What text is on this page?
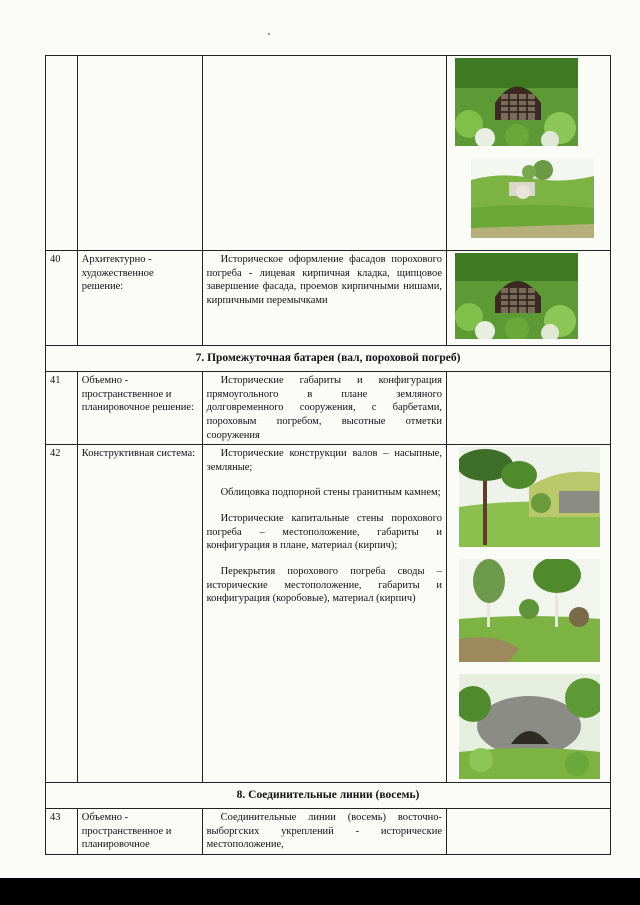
40	Архитектурно - художественное решение:	Историческое оформление фасадов порохового погреба - лицевая кирпичная кладка, щипцовое завершение фасада, проемов кирпичными нишами, кирпичными перемычками	

7. Промежуточная батарея (вал, пороховой погреб)			
41	Объемно - пространственное и планировочное решение:	Исторические габариты и конфигурация прямоугольного в плане земляного долговременного сооружения, с барбетами, пороховым погребом, высотные отметки сооружения	
42	Конструктивная система:	Исторические конструкции валов – насыпные, земляные;

Облицовка подпорной стены гранитным камнем;

Исторические капитальные стены порохового погреба – местоположение, габариты и конфигурация в плане, материал (кирпич);

Перекрытия порохового погреба своды – исторические местоположение, габариты и конфигурация (коробовые), материал (кирпич)

8. Соединительные линии (восемь)			
43	Объемно - пространственное и планировочное	Соединительные линии (восемь) восточно-выборгских укреплений - исторические местоположение,	
